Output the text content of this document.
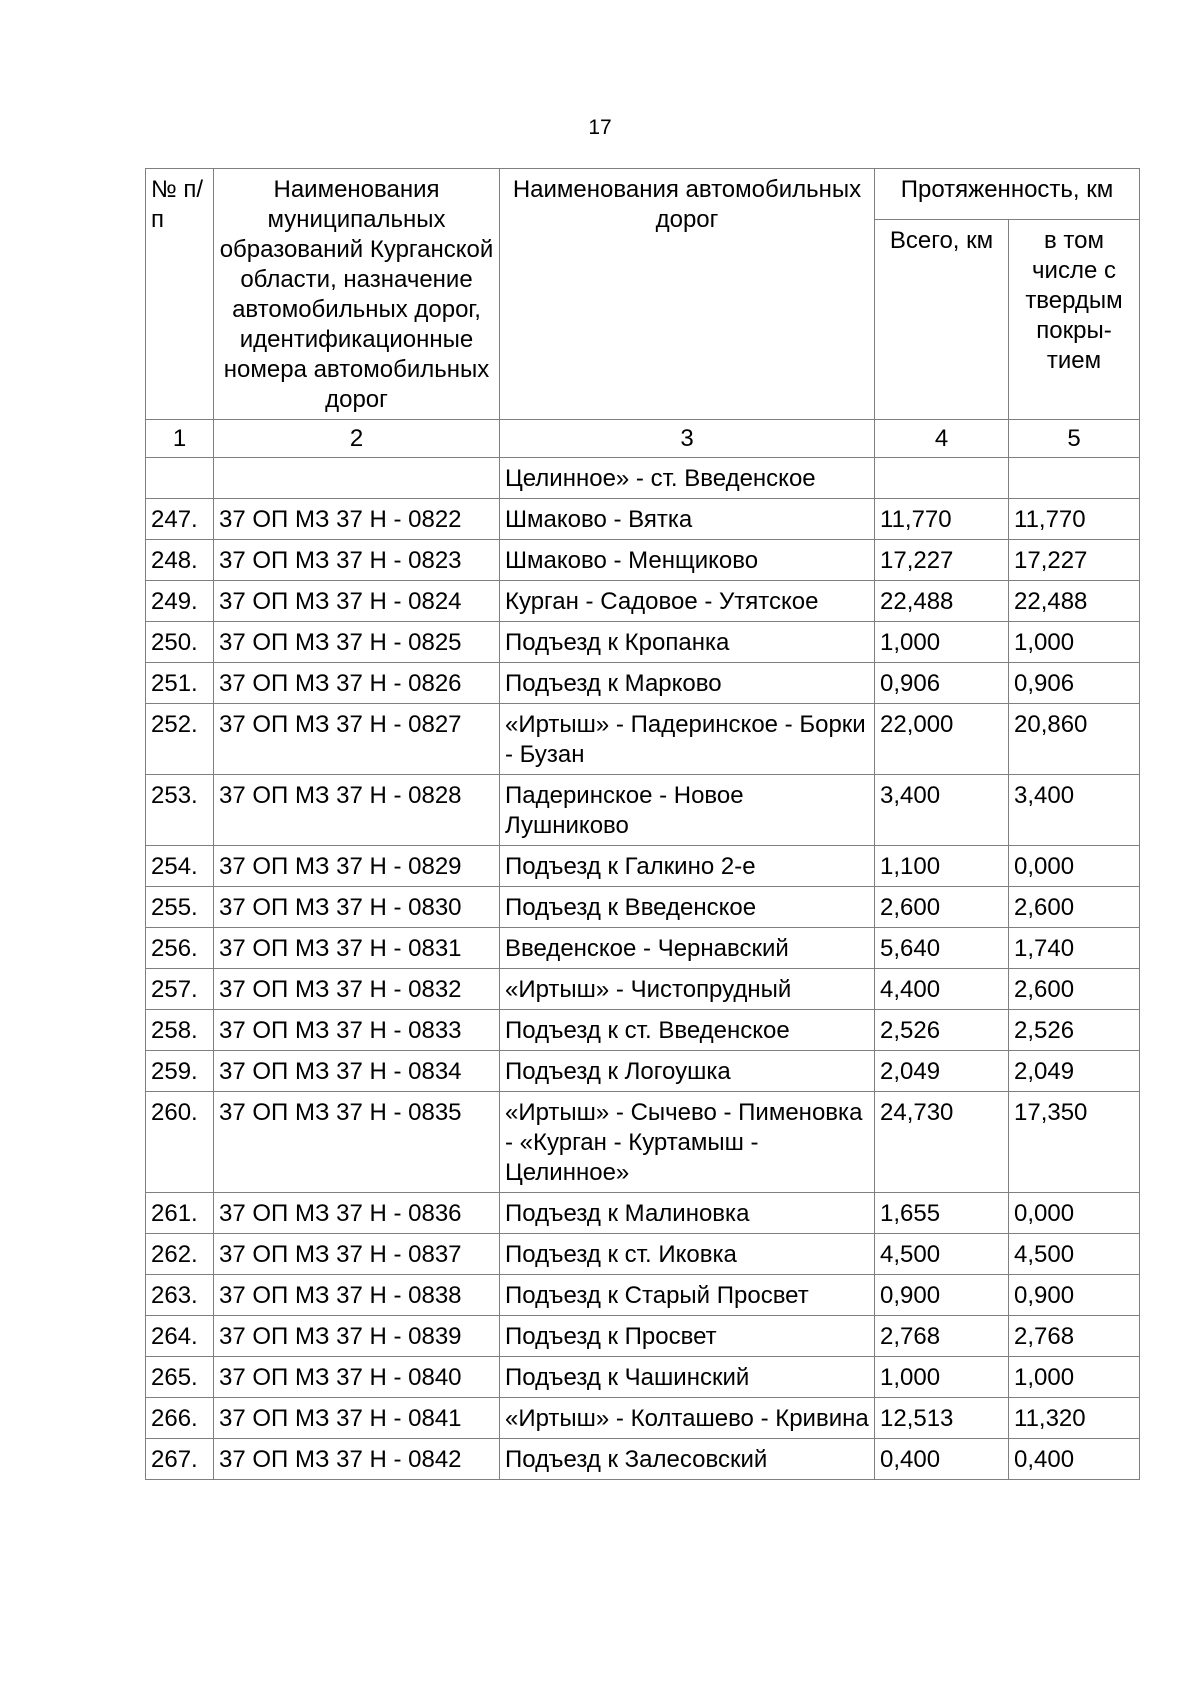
17
№ п/п	Наименования муниципальных образований Курганской области, назначение автомобильных дорог, идентификационные номера автомобильных дорог	Наименования автомобильных дорог	Протяженность, км	
			Всего, км	в том числе с твердым покры-тием
1	2	3	4	5
		Целинное» - ст. Введенское		
247.	37 ОП МЗ 37 Н - 0822	Шмаково - Вятка	11,770	11,770
248.	37 ОП МЗ 37 Н - 0823	Шмаково - Менщиково	17,227	17,227
249.	37 ОП МЗ 37 Н - 0824	Курган - Садовое - Утятское	22,488	22,488
250.	37 ОП МЗ 37 Н - 0825	Подъезд к Кропанка	1,000	1,000
251.	37 ОП МЗ 37 Н - 0826	Подъезд к Марково	0,906	0,906
252.	37 ОП МЗ 37 Н - 0827	«Иртыш» - Падеринское - Борки - Бузан	22,000	20,860
253.	37 ОП МЗ 37 Н - 0828	Падеринское - Новое Лушниково	3,400	3,400
254.	37 ОП МЗ 37 Н - 0829	Подъезд к Галкино 2-е	1,100	0,000
255.	37 ОП МЗ 37 Н - 0830	Подъезд к Введенское	2,600	2,600
256.	37 ОП МЗ 37 Н - 0831	Введенское - Чернавский	5,640	1,740
257.	37 ОП МЗ 37 Н - 0832	«Иртыш» - Чистопрудный	4,400	2,600
258.	37 ОП МЗ 37 Н - 0833	Подъезд к ст. Введенское	2,526	2,526
259.	37 ОП МЗ 37 Н - 0834	Подъезд к Логоушка	2,049	2,049
260.	37 ОП МЗ 37 Н - 0835	«Иртыш» - Сычево - Пименовка - «Курган - Куртамыш - Целинное»	24,730	17,350
261.	37 ОП МЗ 37 Н - 0836	Подъезд к Малиновка	1,655	0,000
262.	37 ОП МЗ 37 Н - 0837	Подъезд к ст. Иковка	4,500	4,500
263.	37 ОП МЗ 37 Н - 0838	Подъезд к Старый Просвет	0,900	0,900
264.	37 ОП МЗ 37 Н - 0839	Подъезд к Просвет	2,768	2,768
265.	37 ОП МЗ 37 Н - 0840	Подъезд к Чашинский	1,000	1,000
266.	37 ОП МЗ 37 Н - 0841	«Иртыш» - Колташево - Кривина	12,513	11,320
267.	37 ОП МЗ 37 Н - 0842	Подъезд к Залесовский	0,400	0,400
